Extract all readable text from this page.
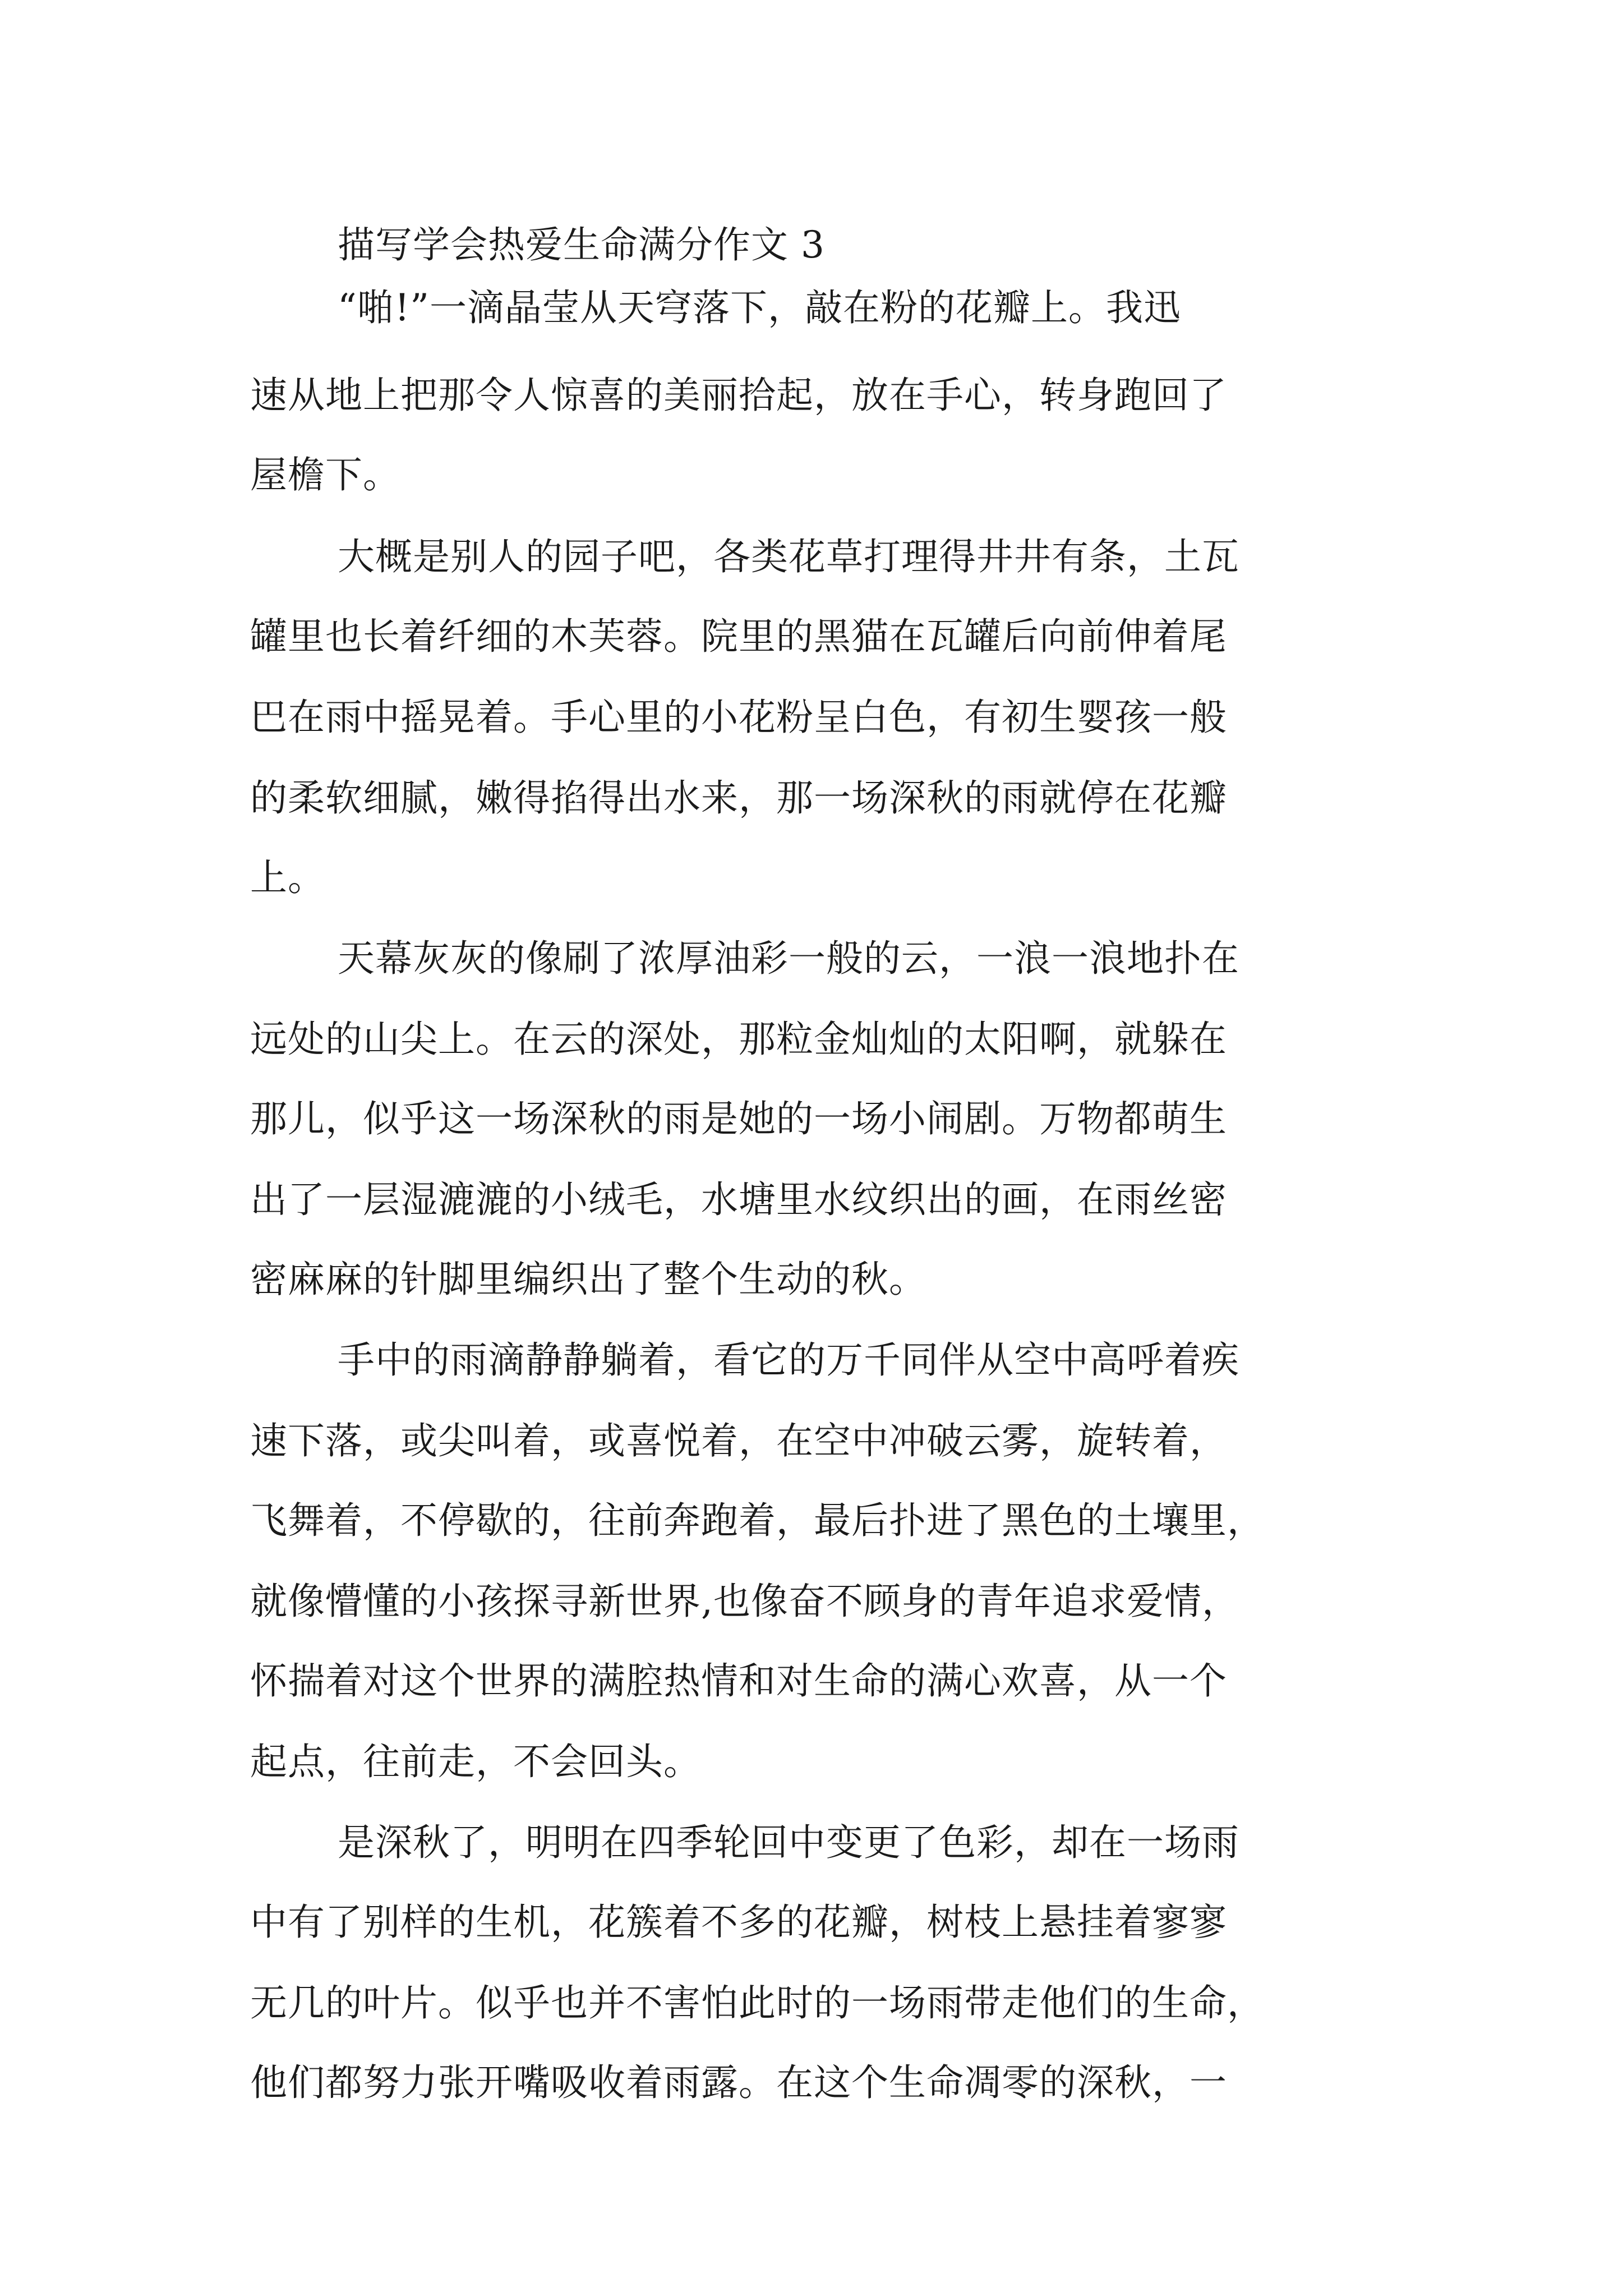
描写学会热爱生命满分作文 3
“啪!”一滴晶莹从天穹落下，敲在粉的花瓣上。我迅
速从地上把那令人惊喜的美丽拾起，放在手心，转身跑回了
屋檐下。
大概是别人的园子吧，各类花草打理得井井有条，土瓦
罐里也长着纤细的木芙蓉。院里的黑猫在瓦罐后向前伸着尾
巴在雨中摇晃着。手心里的小花粉呈白色，有初生婴孩一般
的柔软细腻，嫩得掐得出水来，那一场深秋的雨就停在花瓣
上。
天幕灰灰的像刷了浓厚油彩一般的云，一浪一浪地扑在
远处的山尖上。在云的深处，那粒金灿灿的太阳啊，就躲在
那儿，似乎这一场深秋的雨是她的一场小闹剧。万物都萌生
出了一层湿漉漉的小绒毛，水塘里水纹织出的画，在雨丝密
密麻麻的针脚里编织出了整个生动的秋。
手中的雨滴静静躺着，看它的万千同伴从空中高呼着疾
速下落，或尖叫着，或喜悦着，在空中冲破云雾，旋转着，
飞舞着，不停歇的，往前奔跑着，最后扑进了黑色的土壤里，
就像懵懂的小孩探寻新世界,也像奋不顾身的青年追求爱情，
怀揣着对这个世界的满腔热情和对生命的满心欢喜，从一个
起点，往前走，不会回头。
是深秋了，明明在四季轮回中变更了色彩，却在一场雨
中有了别样的生机，花簇着不多的花瓣，树枝上悬挂着寥寥
无几的叶片。似乎也并不害怕此时的一场雨带走他们的生命，
他们都努力张开嘴吸收着雨露。在这个生命凋零的深秋，一
